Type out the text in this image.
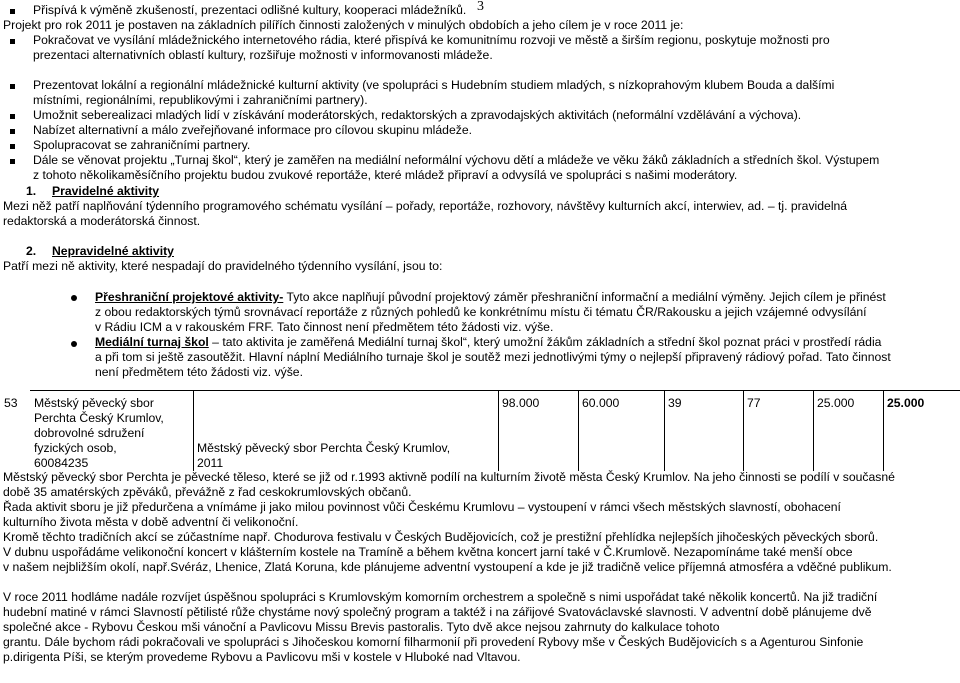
3
Přispívá k výměně zkušeností, prezentaci odlišné kultury, kooperaci mládežníků.
Projekt pro rok 2011 je postaven na základních pilířích činnosti založených v minulých obdobích a jeho cílem je v roce 2011 je:
Pokračovat ve vysílání mládežnického internetového rádia, které přispívá ke komunitnímu rozvoji ve městě a širším regionu, poskytuje možnosti pro
prezentaci alternativních oblastí kultury, rozšiřuje možnosti v informovanosti mládeže.
Prezentovat lokální a regionální mládežnické kulturní aktivity (ve spolupráci s Hudebním studiem mladých, s nízkoprahovým klubem Bouda a dalšími
místními, regionálními, republikovými i zahraničními partnery).
Umožnit seberealizaci mladých lidí v získávání moderátorských, redaktorských a zpravodajských aktivitách (neformální vzdělávání a výchova).
Nabízet alternativní a málo zveřejňované informace pro cílovou skupinu mládeže.
Spolupracovat se zahraničními partnery.
Dále se věnovat projektu „Turnaj škol“, který je zaměřen na mediální neformální výchovu dětí a mládeže ve věku žáků základních a středních škol. Výstupem
z tohoto několikaměsíčního projektu budou zvukové reportáže, které mládež připraví a odvysílá ve spolupráci s našimi moderátory.
1. Pravidelné aktivity
Mezi něž patří naplňování týdenního programového schématu vysílání – pořady, reportáže, rozhovory, návštěvy kulturních akcí, interwiev, ad. – tj. pravidelná
redaktorská a moderátorská činnost.
2. Nepravidelné aktivity
Patří mezi ně aktivity, které nespadají do pravidelného týdenního vysílání, jsou to:
Přeshraniční projektové aktivity- Tyto akce naplňují původní projektový záměr přeshraniční informační a mediální výměny. Jejich cílem je přinést
z obou redaktorských týmů srovnávací reportáže z různých pohledů ke konkrétnímu místu či tématu ČR/Rakousku a jejich vzájemné odvysílání
v Rádiu ICM a v rakouském FRF. Tato činnost není předmětem této žádosti viz. výše.
Mediální turnaj škol – tato aktivita je zaměřená Mediální turnaj škol“, který umožní žákům základních a střední škol poznat práci v prostředí rádia
a při tom si ještě zasoutěžit. Hlavní náplní Mediálního turnaje škol je soutěž mezi jednotlivými týmy o nejlepší připravený rádiový pořad. Tato činnost
není předmětem této žádosti viz. výše.
53 Městský pěvecký sbor
Perchta Český Krumlov,
dobrovolné sdružení
fyzických osob,
60084235
Městský pěvecký sbor Perchta Český Krumlov,
2011
98.000	60.000	39	77	25.000	25.000
Městský pěvecký sbor Perchta je pěvecké těleso, které se již od r.1993 aktivně podílí na kulturním životě města Český Krumlov. Na jeho činnosti se podílí v současné
době 35 amatérských zpěváků, převážně z řad ceskokrumlovských občanů.
Řada aktivit sboru je již předurčena a vnímáme ji jako milou povinnost vůči Českému Krumlovu – vystoupení v rámci všech městských slavností, obohacení
kulturního života města v době adventní či velikonoční.
Kromě těchto tradičních akcí se zúčastníme např. Chodurova festivalu v Českých Budějovicích, což je prestižní přehlídka nejlepších jihočeských pěveckých sborů.
V dubnu uspořádáme velikonoční koncert v klášterním kostele na Tramíně a během května koncert jarní také v Č.Krumlově. Nezapomínáme také menší obce
v našem nejbližším okolí, např.Svéráz, Lhenice, Zlatá Koruna, kde plánujeme adventní vystoupení a kde je již tradičně velice příjemná atmosféra a vděčné publikum.
V roce 2011 hodláme nadále rozvíjet úspěšnou spolupráci s Krumlovským komorním orchestrem a společně s nimi uspořádat také několik koncertů. Na již tradiční
hudební matiné v rámci Slavností pětilisté růže chystáme nový společný program a taktéž i na zářijové Svatováclavské slavnosti. V adventní době plánujeme dvě
společné akce - Rybovu Českou mši vánoční a Pavlicovu Missu Brevis pastoralis. Tyto dvě akce nejsou zahrnuty do kalkulace tohoto
grantu. Dále bychom rádi pokračovali ve spolupráci s Jihočeskou komorní filharmonií při provedení Rybovy mše v Českých Budějovicích s a Agenturou Sinfonie
p.dirigenta Píši, se kterým provedeme Rybovu a Pavlicovu mši v kostele v Hluboké nad Vltavou.
